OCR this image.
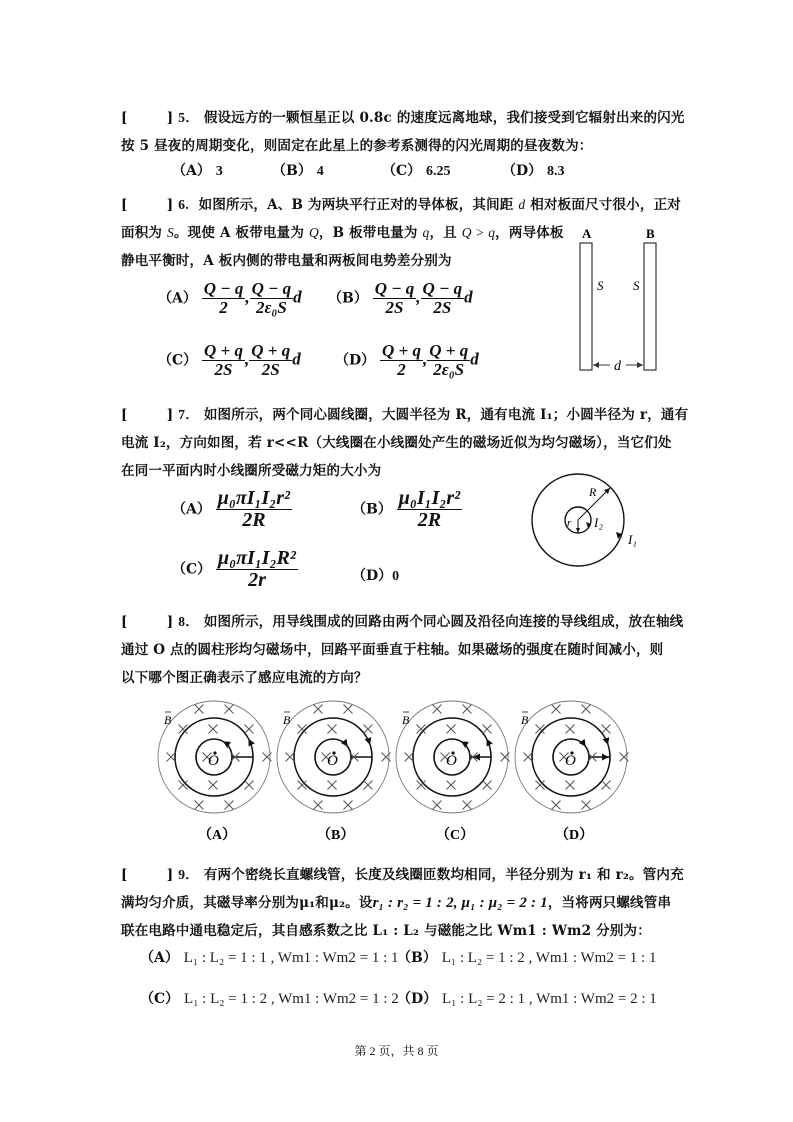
[        ] 5． 假设远方的一颗恒星正以 0.8c 的速度远离地球，我们接受到它辐射出来的闪光
按 5 昼夜的周期变化，则固定在此星上的参考系测得的闪光周期的昼夜数为：
（A） 3	（B） 4	（C） 6.25	（D） 8.3
[        ] 6. 如图所示，A、B 为两块平行正对的导体板，其间距 d 相对板面尺寸很小，正对
面积为 S。现使 A 板带电量为 Q，B 板带电量为 q，且 Q > q，两导体板
静电平衡时，A 板内侧的带电量和两板间电势差分别为
$(A) \frac{Q - q}{2}$ , $\frac{Q - q}{\text{2ε₀S}}$ d $(B) \frac{Q - q}{2S}$ , $\frac{Q - q}{2S}$ d
$(C) \frac{Q + q}{2S}$ , $\frac{Q + q}{2S}$ d $(D) \frac{Q + q}{2}$ , $\frac{Q + q}{\text{2ε₀S}}$ d
A	B
S S
d
[        ] 7． 如图所示，两个同心圆线圈，大圆半径为 R，通有电流 I₁；小圆半径为 r，通有
电流 I₂，方向如图，若 r<<R（大线圈在小线圈处产生的磁场近似为均匀磁场），当它们处
在同一平面内时小线圈所受磁力矩的大小为
$(A) \frac{\text{μ₀πI₁I₂r²}}{2R}$	$(B) \frac{\text{μ₀I₁I₂r²}}{2R}$
$(C) \frac{\text{μ₀πI₁I₂R²}}{2r}$	（D）0
R
r I₂
I₁
[        ] 8． 如图所示，用导线围成的回路由两个同心圆及沿径向连接的导线组成，放在轴线
通过 O 点的圆柱形均匀磁场中，回路平面垂直于柱轴。如果磁场的强度在随时间减小，则
以下哪个图正确表示了感应电流的方向？
O
B
（A）
O
B
（B）
O
B
（C）
O
B
（D）
[        ] 9． 有两个密绕长直螺线管，长度及线圈匝数均相同，半径分别为 r₁ 和 r₂。管内充
满均匀介质，其磁导率分别为μ₁和μ₂。设r₁ : r₂ = 1 : 2, μ₁ : μ₂ = 2 : 1，当将两只螺线管串
联在电路中通电稳定后，其自感系数之比 L₁ : L₂ 与磁能之比 Wm1 : Wm2 分别为：
（A） L₁ : L₂ = 1 : 1 , Wm1 : Wm2 = 1 : 1
（B） L₁ : L₂ = 1 : 2 , Wm1 : Wm2 = 1 : 1
（C） L₁ : L₂ = 1 : 2 , Wm1 : Wm2 = 1 : 2
（D） L₁ : L₂ = 2 : 1 , Wm1 : Wm2 = 2 : 1
第 2 页，共 8 页
